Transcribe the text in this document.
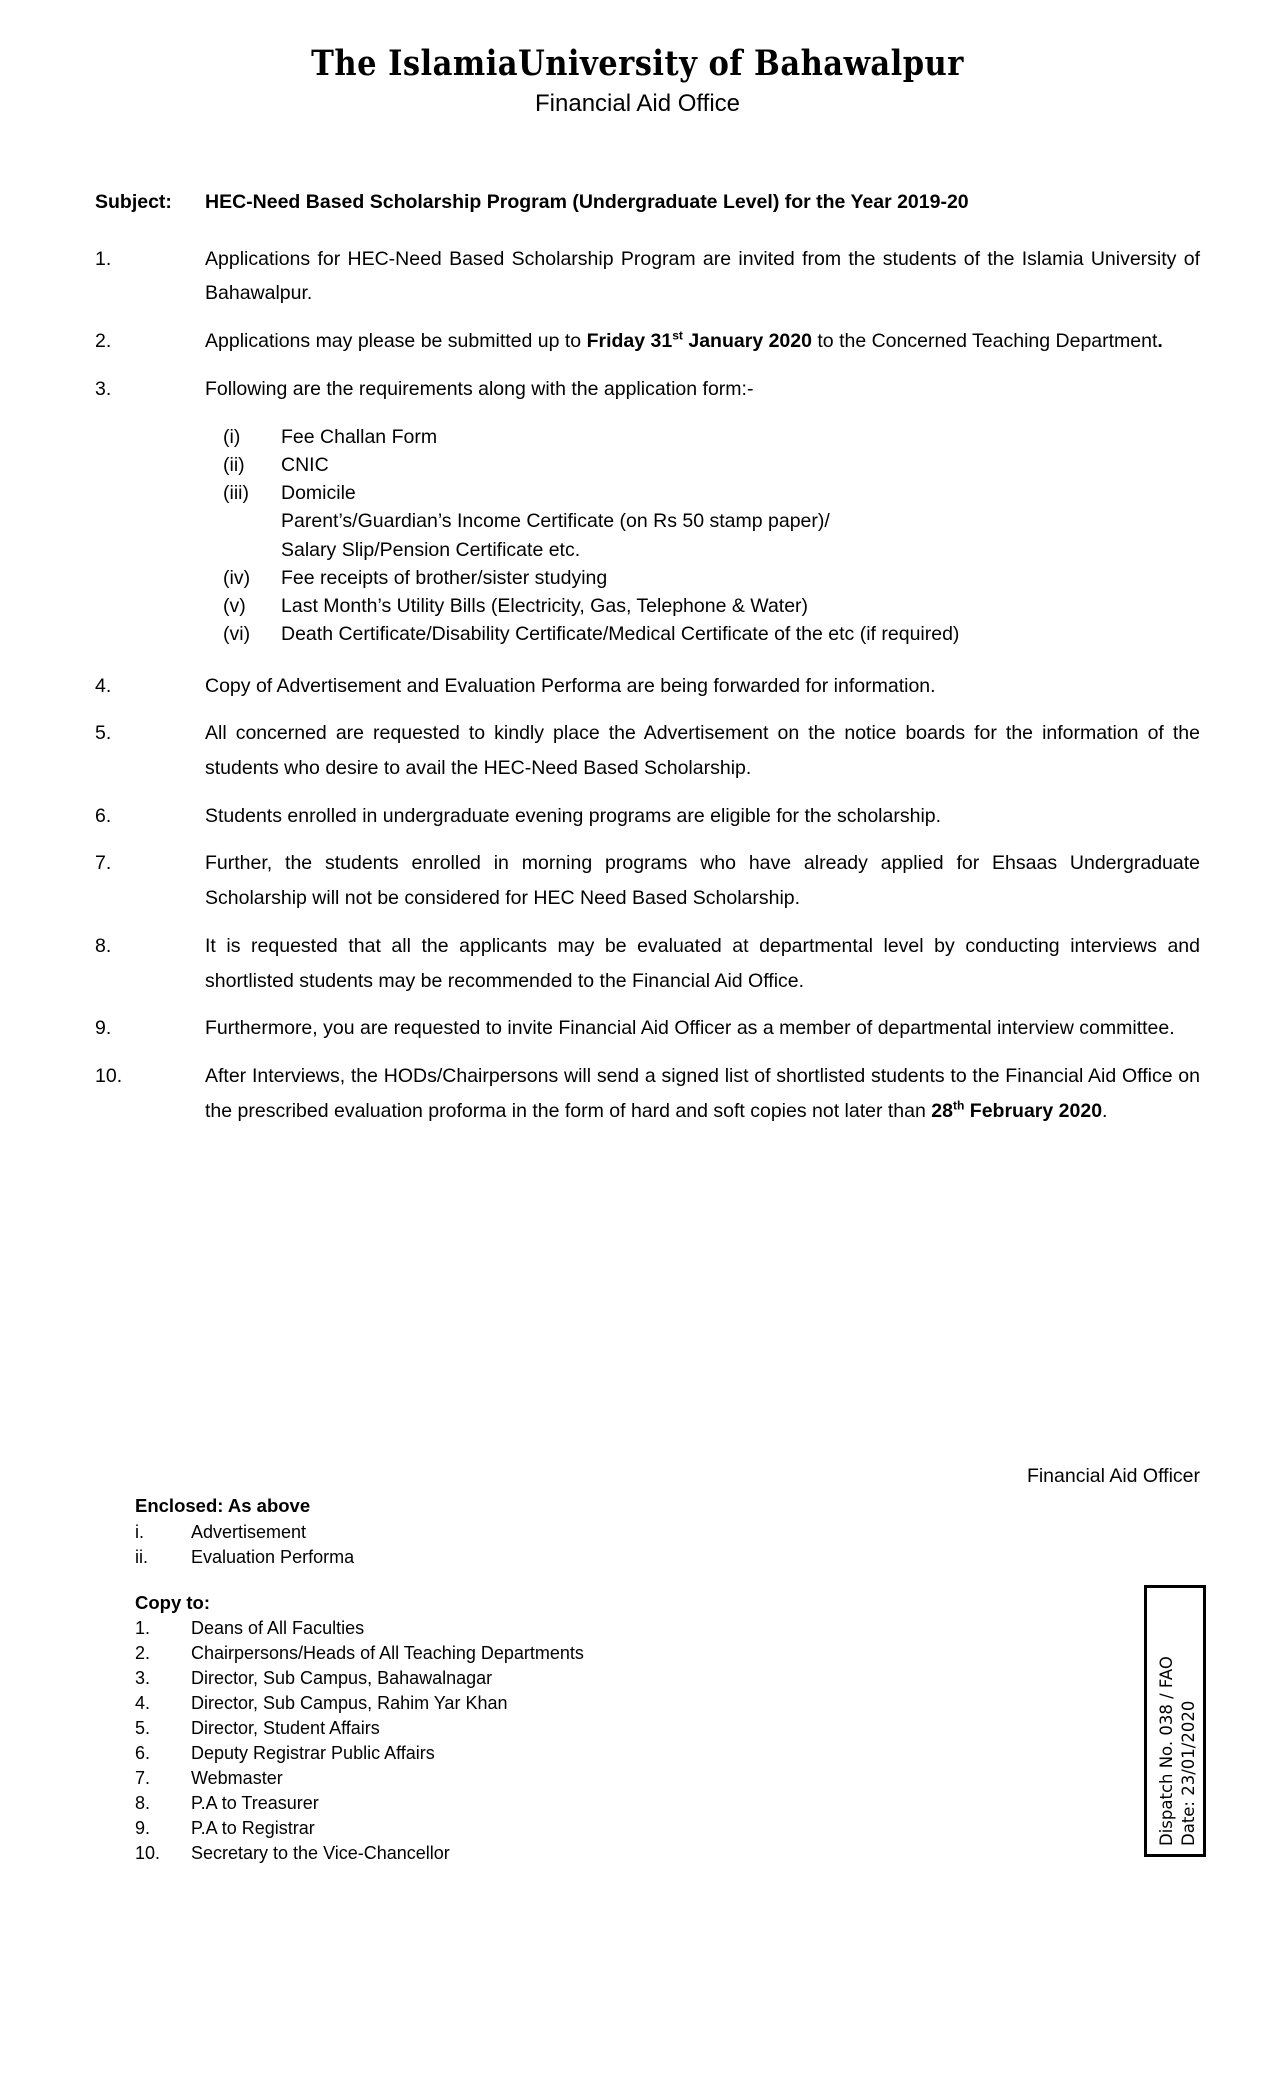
The IslamiaUniversity of Bahawalpur
Financial Aid Office
Subject:	HEC-Need Based Scholarship Program (Undergraduate Level) for the Year 2019-20
1.	Applications for HEC-Need Based Scholarship Program are invited from the students of the Islamia University of Bahawalpur.
2.	Applications may please be submitted up to Friday 31st January 2020 to the Concerned Teaching Department.
3.	Following are the requirements along with the application form:-
(i)	Fee Challan Form
(ii)	CNIC
(iii)	Domicile
Parent’s/Guardian’s Income Certificate (on Rs 50 stamp paper)/
Salary Slip/Pension Certificate etc.
(iv)	Fee receipts of brother/sister studying
(v)	Last Month’s Utility Bills (Electricity, Gas, Telephone & Water)
(vi)	Death Certificate/Disability Certificate/Medical Certificate of the etc (if required)
4.	Copy of Advertisement and Evaluation Performa are being forwarded for information.
5.	All concerned are requested to kindly place the Advertisement on the notice boards for the information of the students who desire to avail the HEC-Need Based Scholarship.
6.	Students enrolled in undergraduate evening programs are eligible for the scholarship.
7.	Further, the students enrolled in morning programs who have already applied for Ehsaas Undergraduate Scholarship will not be considered for HEC Need Based Scholarship.
8.	It is requested that all the applicants may be evaluated at departmental level by conducting interviews and shortlisted students may be recommended to the Financial Aid Office.
9.	Furthermore, you are requested to invite Financial Aid Officer as a member of departmental interview committee.
10.	After Interviews, the HODs/Chairpersons will send a signed list of shortlisted students to the Financial Aid Office on the prescribed evaluation proforma in the form of hard and soft copies not later than 28th February 2020.
Financial Aid Officer
Enclosed: As above
i.	Advertisement
ii.	Evaluation Performa
Copy to:
1.	Deans of All Faculties
2.	Chairpersons/Heads of All Teaching Departments
3.	Director, Sub Campus, Bahawalnagar
4.	Director, Sub Campus, Rahim Yar Khan
5.	Director, Student Affairs
6.	Deputy Registrar Public Affairs
7.	Webmaster
8.	P.A to Treasurer
9.	P.A to Registrar
10.	Secretary to the Vice-Chancellor
Dispatch No. 038 / FAO Date: 23/01/2020
